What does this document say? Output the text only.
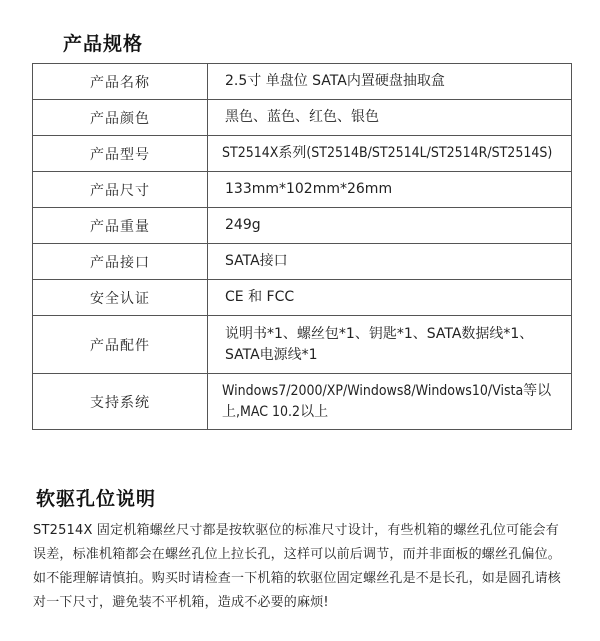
产品规格
产品名称	2.5寸 单盘位 SATA内置硬盘抽取盒
产品颜色	黑色、蓝色、红色、银色
产品型号	ST2514X系列(ST2514B/ST2514L/ST2514R/ST2514S)
产品尺寸	133mm*102mm*26mm
产品重量	249g
产品接口	SATA接口
安全认证	CE 和 FCC
产品配件	说明书*1、螺丝包*1、钥匙*1、SATA数据线*1、SATA电源线*1
支持系统	Windows7/2000/XP/Windows8/Windows10/Vista等以上,MAC 10.2以上
软驱孔位说明
ST2514X 固定机箱螺丝尺寸都是按软驱位的标准尺寸设计，有些机箱的螺丝孔位可能会有误差，标准机箱都会在螺丝孔位上拉长孔，这样可以前后调节，而并非面板的螺丝孔偏位。如不能理解请慎拍。购买时请检查一下机箱的软驱位固定螺丝孔是不是长孔，如是圆孔请核对一下尺寸，避免装不平机箱，造成不必要的麻烦!
